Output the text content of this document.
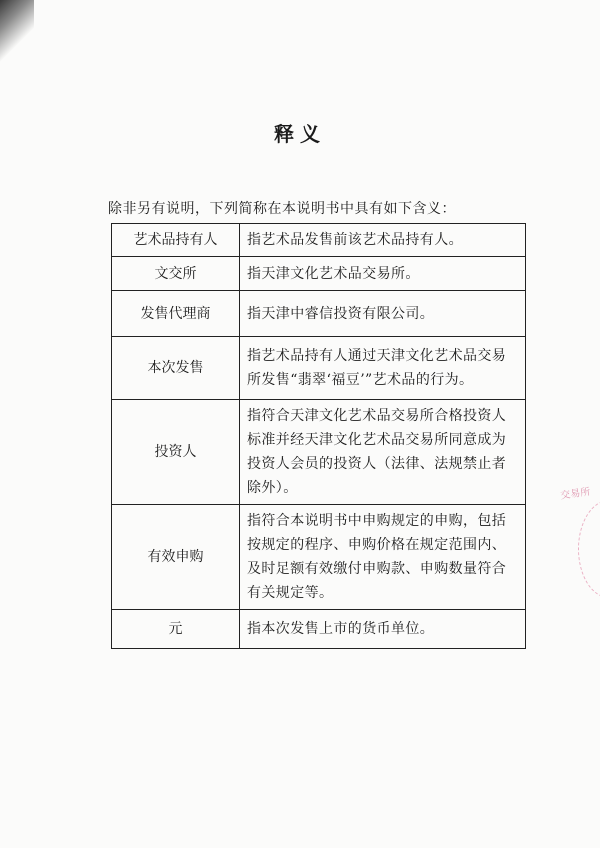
释义
除非另有说明，下列简称在本说明书中具有如下含义：
艺术品持有人	指艺术品发售前该艺术品持有人。
文交所	指天津文化艺术品交易所。
发售代理商	指天津中睿信投资有限公司。
本次发售	指艺术品持有人通过天津文化艺术品交易所发售“翡翠‘福豆’”艺术品的行为。
投资人	指符合天津文化艺术品交易所合格投资人标准并经天津文化艺术品交易所同意成为投资人会员的投资人（法律、法规禁止者除外）。
有效申购	指符合本说明书中申购规定的申购，包括按规定的程序、申购价格在规定范围内、及时足额有效缴付申购款、申购数量符合有关规定等。
元	指本次发售上市的货币单位。
交易所
